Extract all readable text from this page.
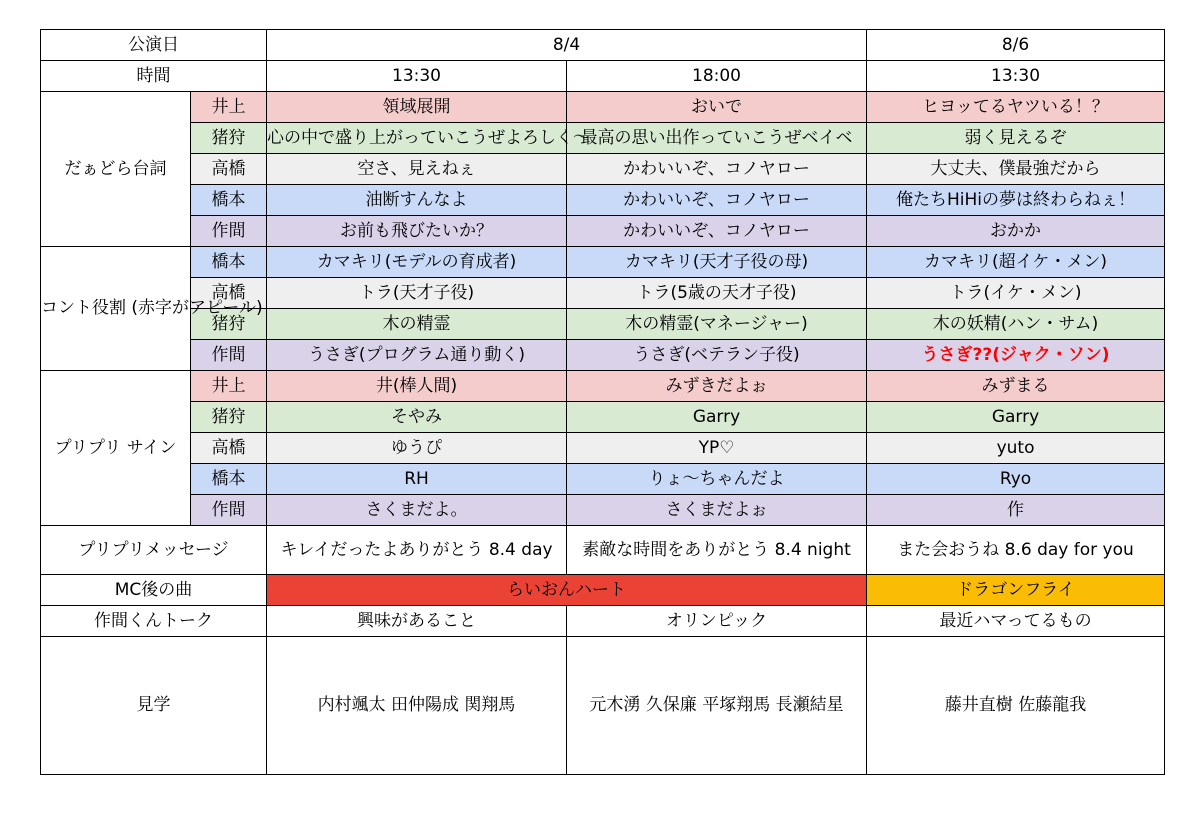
公演日		8/4		8/6
時間		13:30	18:00	13:30
だぁどら台詞	井上	領域展開	おいで	ヒヨッてるヤツいる！？
	猪狩	心の中で盛り上がっていこうぜよろしく〜	最高の思い出作っていこうぜベイベ	弱く見えるぞ
	高橋	空さ、見えねぇ	かわいいぞ、コノヤロー	大丈夫、僕最強だから
	橋本	油断すんなよ	かわいいぞ、コノヤロー	俺たちHiHiの夢は終わらねぇ！
	作間	お前も飛びたいか？	かわいいぞ、コノヤロー	おかか
コント役割 (赤字がアピール)	橋本	カマキリ(モデルの育成者)	カマキリ(天才子役の母)	カマキリ(超イケ・メン)
	高橋	トラ(天才子役)	トラ(5歳の天才子役)	トラ(イケ・メン)
	猪狩	木の精霊	木の精霊(マネージャー)	木の妖精(ハン・サム)
	作間	うさぎ(プログラム通り動く)	うさぎ(ベテラン子役)	うさぎ??(ジャク・ソン)
プリプリ サイン	井上	井(棒人間)	みずきだよぉ	みずまる
	猪狩	そやみ	Garry	Garry
	高橋	ゆうぴ	YP♡	yuto
	橋本	RH	りょ〜ちゃんだよ	Ryo
	作間	さくまだよ。	さくまだよぉ	作
プリプリメッセージ		キレイだったよありがとう 8.4 day	素敵な時間をありがとう 8.4 night	また会おうね 8.6 day for you
MC後の曲		らいおんハート		ドラゴンフライ
作間くんトーク		興味があること	オリンピック	最近ハマってるもの
見学		内村颯太 田仲陽成 関翔馬	元木湧 久保廉 平塚翔馬 長瀬結星	藤井直樹 佐藤龍我
